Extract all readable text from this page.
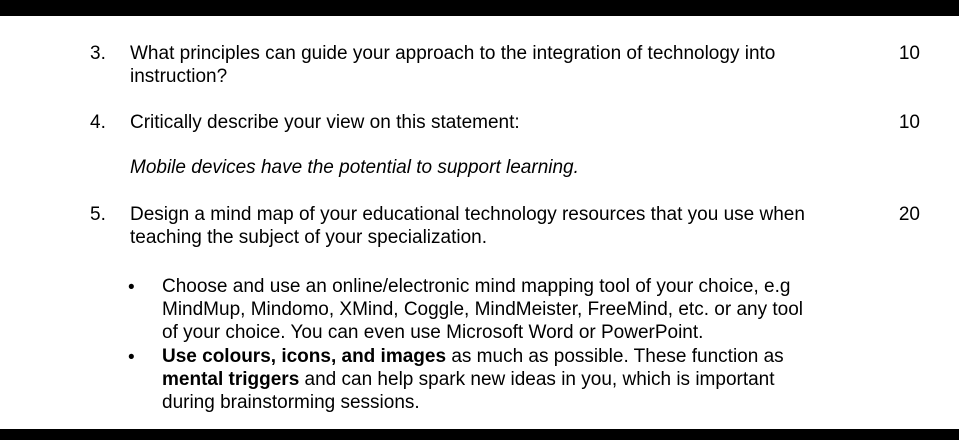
3.	What principles can guide your approach to the integration of technology into
instruction?
10
4.	Critically describe your view on this statement:
Mobile devices have the potential to support learning.
10
5.	Design a mind map of your educational technology resources that you use when
teaching the subject of your specialization.
20
• Choose and use an online/electronic mind mapping tool of your choice, e.g
MindMup, Mindomo, XMind, Coggle, MindMeister, FreeMind, etc. or any tool
of your choice. You can even use Microsoft Word or PowerPoint.
• Use colours, icons, and images as much as possible. These function as
mental triggers and can help spark new ideas in you, which is important
during brainstorming sessions.
